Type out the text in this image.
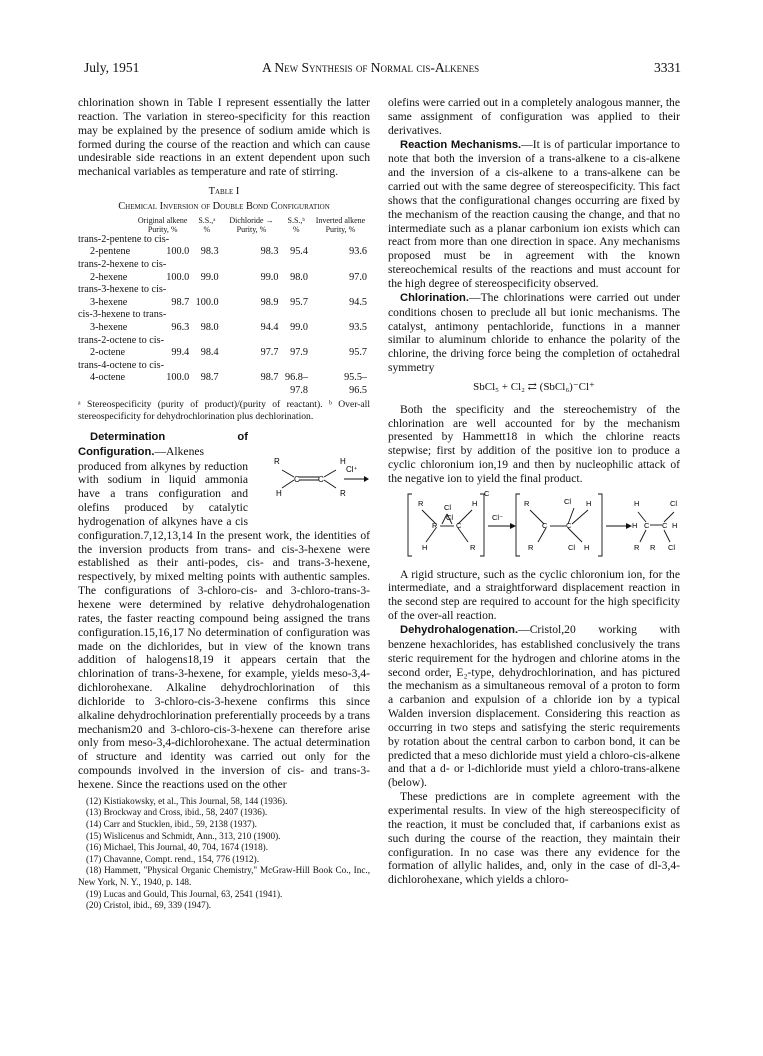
July, 1951	A New Synthesis of Normal cis-Alkenes	3331

chlorination shown in Table I represent essentially the latter reaction. The variation in stereo-specificity for this reaction may be explained by the presence of sodium amide which is formed during the course of the reaction and which can cause undesirable side reactions in an extent dependent upon such mechanical variables as temperature and rate of stirring.

Table I
Chemical Inversion of Double Bond Configuration
	Original alkene Purity, %	S.S.,ᵃ %	Dichloride → Purity, %	S.S.,ᵇ %	Inverted alkene Purity, %
trans-2-pentene to cis-					
2-pentene	100.0	98.3	98.3	95.4	93.6
trans-2-hexene to cis-					
2-hexene	100.0	99.0	99.0	98.0	97.0
trans-3-hexene to cis-					
3-hexene	98.7	100.0	98.9	95.7	94.5
cis-3-hexene to trans-					
3-hexene	96.3	98.0	94.4	99.0	93.5
trans-2-octene to cis-					
2-octene	99.4	98.4	97.7	97.9	95.7
trans-4-octene to cis-					
4-octene	100.0	98.7	98.7	96.8–	95.5–
				97.8	96.5
ᵃ Stereospecificity (purity of product)/(purity of reactant). ᵇ Over-all stereospecificity for dehydrochlorination plus dechlorination.

R	H
H	R
C C
Cl⁺
Determination of Configuration.—Alkenes produced from alkynes by reduction with sodium in liquid ammonia have a trans configuration and olefins produced by catalytic hydrogenation of alkynes have a cis configuration.7,12,13,14 In the present work, the identities of the inversion products from trans- and cis-3-hexene were established as their anti-podes, cis- and trans-3-hexene, respectively, by mixed melting points with authentic samples. The configurations of 3-chloro-cis- and 3-chloro-trans-3-hexene were determined by relative dehydrohalogenation rates, the faster reacting compound being assigned the trans configuration.15,16,17 No determination of configuration was made on the dichlorides, but in view of the known trans addition of halogens18,19 it appears certain that the chlorination of trans-3-hexene, for example, yields meso-3,4-dichlorohexane. Alkaline dehydrochlorination of this dichloride to 3-chloro-cis-3-hexene confirms this since alkaline dehydrochlorination preferentially proceeds by a trans mechanism20 and 3-chloro-cis-3-hexene can therefore arise only from meso-3,4-dichlorohexane. The actual determination of structure and identity was carried out only for the compounds involved in the inversion of cis- and trans-3-hexene. Since the reactions used on the other

(12) Kistiakowsky, et al., This Journal, 58, 144 (1936).
(13) Brockway and Cross, ibid., 58, 2407 (1936).
(14) Carr and Stucklen, ibid., 59, 2138 (1937).
(15) Wislicenus and Schmidt, Ann., 313, 210 (1900).
(16) Michael, This Journal, 40, 704, 1674 (1918).
(17) Chavanne, Compt. rend., 154, 776 (1912).
(18) Hammett, "Physical Organic Chemistry," McGraw-Hill Book Co., Inc., New York, N. Y., 1940, p. 148.
(19) Lucas and Gould, This Journal, 63, 2541 (1941).
(20) Cristol, ibid., 69, 339 (1947).

olefins were carried out in a completely analogous manner, the same assignment of configuration was applied to their derivatives.

Reaction Mechanisms.—It is of particular importance to note that both the inversion of a trans-alkene to a cis-alkene and the inversion of a cis-alkene to a trans-alkene can be carried out with the same degree of stereospecificity. This fact shows that the configurational changes occurring are fixed by the mechanism of the reaction causing the change, and that no intermediate such as a planar carbonium ion exists which can react from more than one direction in space. Any mechanisms proposed must be in agreement with the known stereochemical results of the reactions and must account for the high degree of stereospecificity observed.

Chlorination.—The chlorinations were carried out under conditions chosen to preclude all but ionic mechanisms. The catalyst, antimony pentachloride, functions in a manner similar to aluminum chloride to enhance the polarity of the chlorine, the driving force being the completion of octahedral symmetry

SbCl₅ + Cl₂ ⇄ (SbCl₆)⁻Cl⁺

Both the specificity and the stereochemistry of the chlorination are well accounted for by the mechanism presented by Hammett18 in which the chlorine reacts stepwise; first by addition of the positive ion to produce a cyclic chloronium ion,19 and then by nucleophilic attack of the negative ion to yield the final product.

R	H
Cl
R
H
R	Cl H
Cl⁻
R	Cl H
H	Cl
R R Cl
H	H
Cl
R C	C C	C C
C

A rigid structure, such as the cyclic chloronium ion, for the intermediate, and a straightforward displacement reaction in the second step are required to account for the high specificity of the over-all reaction.

Dehydrohalogenation.—Cristol,20 working with benzene hexachlorides, has established conclusively the trans steric requirement for the hydrogen and chlorine atoms in the second order, E₂-type, dehydrochlorination, and has pictured the mechanism as a simultaneous removal of a proton to form a carbanion and expulsion of a chloride ion by a typical Walden inversion displacement. Considering this reaction as occurring in two steps and satisfying the steric requirements by rotation about the central carbon to carbon bond, it can be predicted that a meso dichloride must yield a chloro-cis-alkene and that a d- or l-dichloride must yield a chloro-trans-alkene (below).

These predictions are in complete agreement with the experimental results. In view of the high stereospecificity of the reaction, it must be concluded that, if carbanions exist as such during the course of the reaction, they maintain their configuration. In no case was there any evidence for the formation of allylic halides, and, only in the case of dl-3,4-dichlorohexane, which yields a chloro-
